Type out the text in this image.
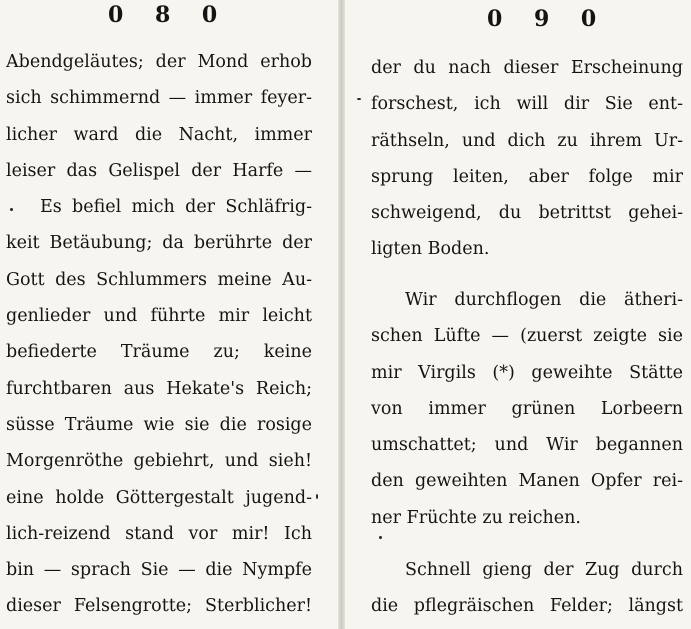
0 8 0
Abendgeläutes; der Mond erhob
sich schimmernd — immer feyer-
licher ward die Nacht, immer
leiser das Gelispel der Harfe —
Es befiel mich der Schläfrig-
keit Betäubung; da berührte der
Gott des Schlummers meine Au-
genlieder und führte mir leicht
befiederte Träume zu; keine
furchtbaren aus Hekate's Reich;
süsse Träume wie sie die rosige
Morgenröthe gebiehrt, und sieh!
eine holde Göttergestalt jugend-
lich-reizend stand vor mir! Ich
bin — sprach Sie — die Nympfe
dieser Felsengrotte; Sterblicher!
0 9 0
der du nach dieser Erscheinung
forschest, ich will dir Sie ent-
räthseln, und dich zu ihrem Ur-
sprung leiten, aber folge mir
schweigend, du betrittst gehei-
ligten Boden.
Wir durchflogen die ätheri-
schen Lüfte — (zuerst zeigte sie
mir Virgils (*) geweihte Stätte
von immer grünen Lorbeern
umschattet; und Wir begannen
den geweihten Manen Opfer rei-
ner Früchte zu reichen.
Schnell gieng der Zug durch
die pflegräischen Felder; längst
